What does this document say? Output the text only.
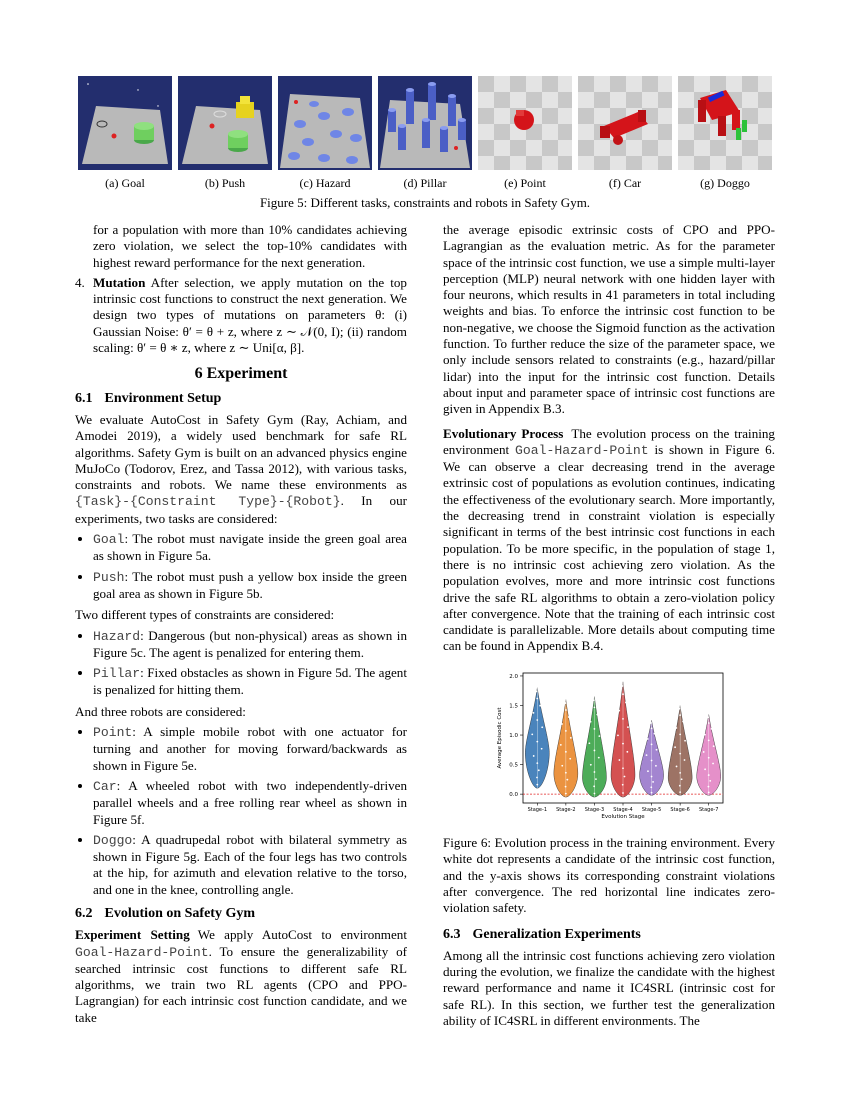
(a) Goal	(b) Push	(c) Hazard	(d) Pillar	(e) Point	(f) Car	(g) Doggo
Figure 5: Different tasks, constraints and robots in Safety Gym.

for a population with more than 10% candidates achieving zero violation, we select the top-10% candidates with highest reward performance for the next generation.

4. Mutation After selection, we apply mutation on the top intrinsic cost functions to construct the next generation. We design two types of mutations on parameters θ: (i) Gaussian Noise: θ′ = θ + z, where z ∼ 𝒩(0, I); (ii) random scaling: θ′ = θ ∗ z, where z ∼ Uni[α, β].

6 Experiment
6.1 Environment Setup

We evaluate AutoCost in Safety Gym (Ray, Achiam, and Amodei 2019), a widely used benchmark for safe RL algorithms. Safety Gym is built on an advanced physics engine MuJoCo (Todorov, Erez, and Tassa 2012), with various tasks, constraints and robots. We name these environments as {Task}-{Constraint Type}-{Robot}. In our experiments, two tasks are considered:

• Goal: The robot must navigate inside the green goal area as shown in Figure 5a.
• Push: The robot must push a yellow box inside the green goal area as shown in Figure 5b.

Two different types of constraints are considered:

• Hazard: Dangerous (but non-physical) areas as shown in Figure 5c. The agent is penalized for entering them.
• Pillar: Fixed obstacles as shown in Figure 5d. The agent is penalized for hitting them.

And three robots are considered:

• Point: A simple mobile robot with one actuator for turning and another for moving forward/backwards as shown in Figure 5e.
• Car: A wheeled robot with two independently-driven parallel wheels and a free rolling rear wheel as shown in Figure 5f.
• Doggo: A quadrupedal robot with bilateral symmetry as shown in Figure 5g. Each of the four legs has two controls at the hip, for azimuth and elevation relative to the torso, and one in the knee, controlling angle.
6.2 Evolution on Safety Gym

Experiment Setting We apply AutoCost to environment Goal-Hazard-Point. To ensure the generalizability of searched intrinsic cost functions to different safe RL algorithms, we train two RL agents (CPO and PPO-Lagrangian) for each intrinsic cost function candidate, and we take

the average episodic extrinsic costs of CPO and PPO-Lagrangian as the evaluation metric. As for the parameter space of the intrinsic cost function, we use a simple multi-layer perception (MLP) neural network with one hidden layer with four neurons, which results in 41 parameters in total including weights and bias. To enforce the intrinsic cost function to be non-negative, we choose the Sigmoid function as the activation function. To further reduce the size of the parameter space, we only include sensors related to constraints (e.g., hazard/pillar lidar) into the input for the intrinsic cost function. Details about input and parameter space of intrinsic cost functions are given in Appendix B.3.

Evolutionary Process The evolution process on the training environment Goal-Hazard-Point is shown in Figure 6. We can observe a clear decreasing trend in the average extrinsic cost of populations as evolution continues, indicating the effectiveness of the evolutionary search. More importantly, the decreasing trend in constraint violation is especially significant in terms of the best intrinsic cost functions in each population. To be more specific, in the population of stage 1, there is no intrinsic cost achieving zero violation. As the population evolves, more and more intrinsic cost functions drive the safe RL algorithms to obtain a zero-violation policy after convergence. Note that the training of each intrinsic cost candidate is parallelizable. More details about computing time can be found in Appendix B.4.

0.0
0.5
1.0
1.5
2.0
Stage-1 Stage-2 Stage-3 Stage-4 Stage-5 Stage-6 Stage-7
Evolution Stage
Average Episodic Cost

Figure 6: Evolution process in the training environment. Every white dot represents a candidate of the intrinsic cost function, and the y-axis shows its corresponding constraint violations after convergence. The red horizontal line indicates zero-violation safety.

6.3 Generalization Experiments

Among all the intrinsic cost functions achieving zero violation during the evolution, we finalize the candidate with the highest reward performance and name it IC4SRL (intrinsic cost for safe RL). In this section, we further test the generalization ability of IC4SRL in different environments. The
